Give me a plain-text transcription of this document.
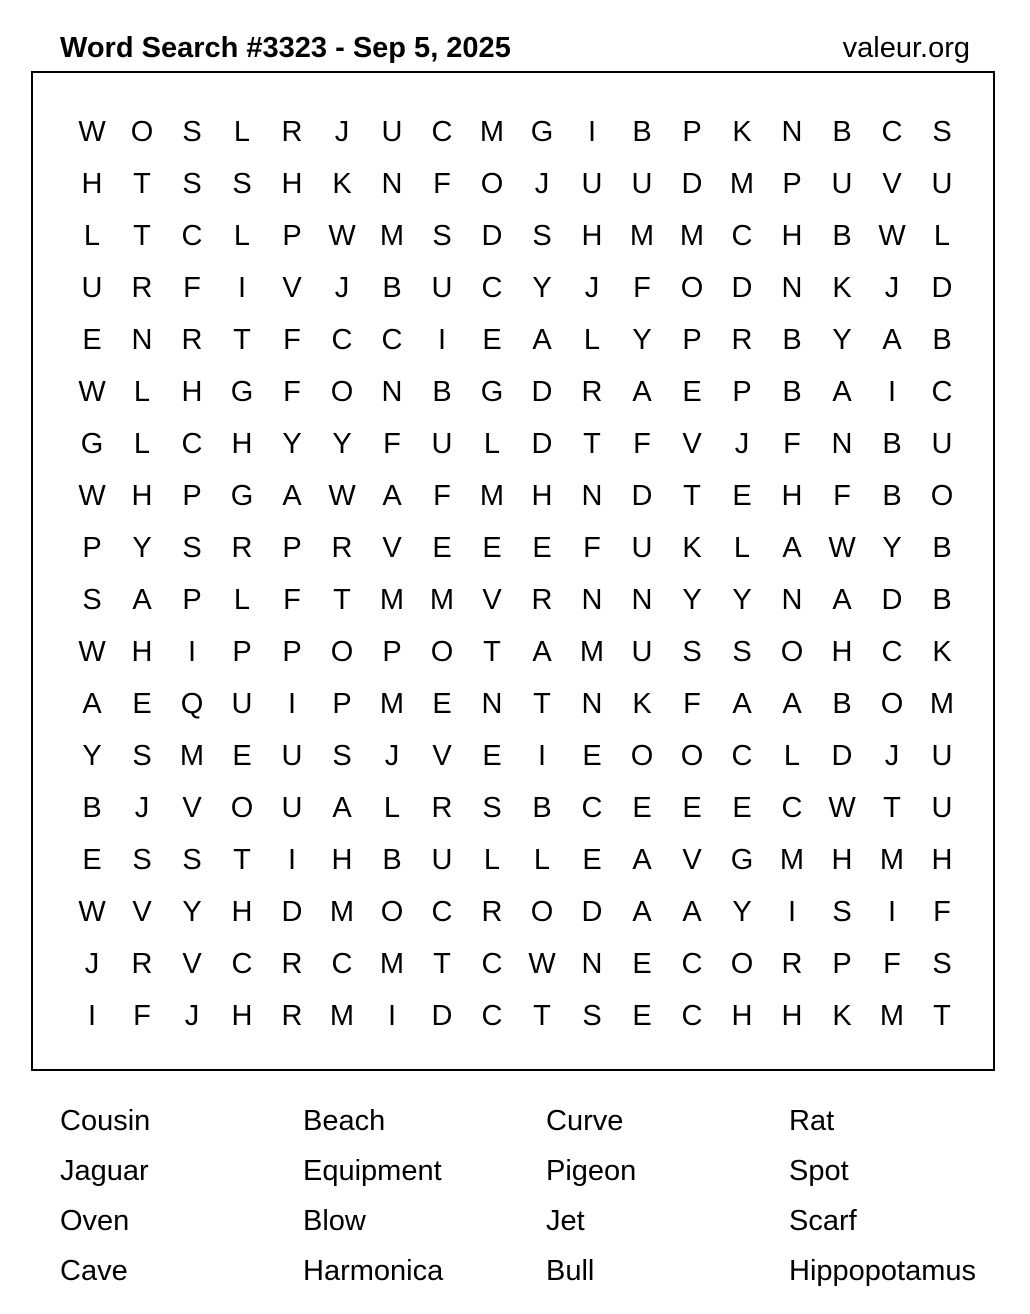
Word Search #3323 - Sep 5, 2025	valeur.org
W O	S	L	R	J	U	C M G	I	B	P	K	N	B	C	S
H	T	S	S	H	K	N	F	O	J	U	U	D M P	U	V	U
L	T	C	L	P W M S	D	S	H M M C	H	B W L
U	R	F	I	V	J	B	U	C	Y	J	F	O D	N	K	J	D
E	N	R	T	F	C	C	I	E	A	L	Y	P	R	B	Y	A	B
W L	H G	F	O N	B	G D	R	A	E	P	B	A	I	C
G	L	C	H	Y	Y	F	U	L	D	T	F	V	J	F	N	B	U
W H	P	G	A W A	F	M H	N	D	T	E	H	F	B	O
P	Y	S	R	P	R	V	E	E	E	F	U	K	L	A W Y	B
S	A	P	L	F	T	M M V	R	N	N	Y	Y	N	A	D	B
W H	I	P	P	O	P	O	T	A M U	S	S	O H	C	K
A	E	Q U	I	P M E	N	T	N	K	F	A	A	B	O M
Y	S M E	U	S	J	V	E	I	E	O O C	L	D	J	U
B	J	V	O U	A	L	R	S	B	C	E	E	E	C W T	U
E	S	S	T	I	H	B	U	L	L	E	A	V	G M H M H
W V	Y	H	D M O C	R O D	A	A	Y	I	S	I	F
J	R	V	C	R	C M	T	C W N	E	C O R	P	F	S
I	F	J	H	R M	I	D	C	T	S	E	C	H	H	K M	T
Cousin	Beach	Curve	Rat
Jaguar	Equipment	Pigeon	Spot
Oven	Blow	Jet	Scarf
Cave	Harmonica	Bull	Hippopotamus
